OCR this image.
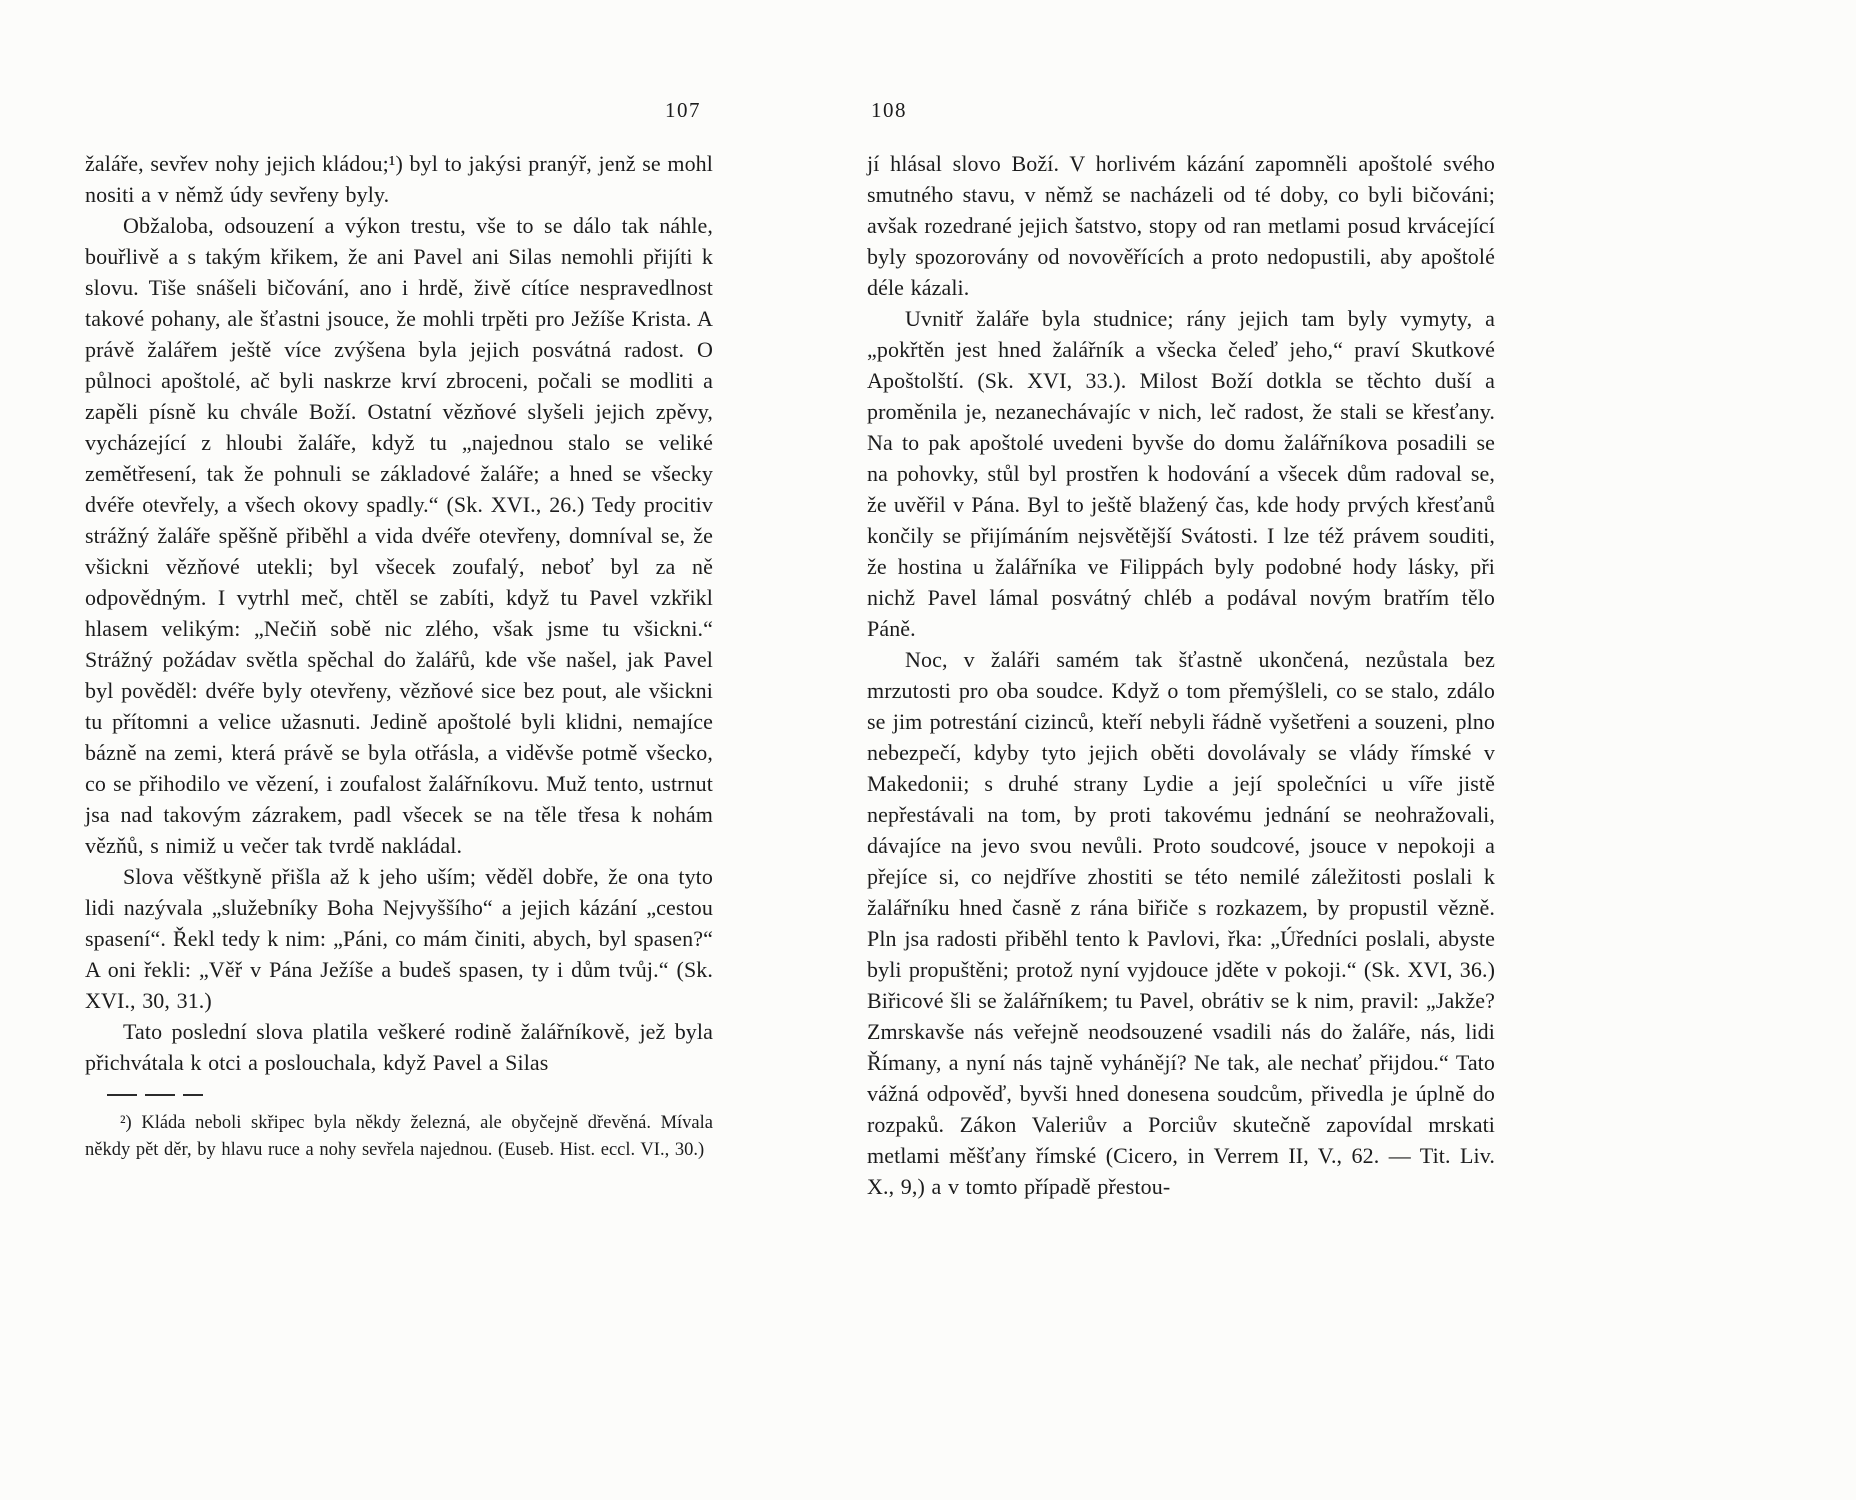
107

žaláře, sevřev nohy jejich kládou;¹) byl to jakýsi pranýř, jenž se mohl nositi a v němž údy sevřeny byly.

Obžaloba, odsouzení a výkon trestu, vše to se dálo tak náhle, bouřlivě a s takým křikem, že ani Pavel ani Silas nemohli přijíti k slovu. Tiše snášeli bičování, ano i hrdě, živě cítíce nespravedlnost takové pohany, ale šťastni jsouce, že mohli trpěti pro Ježíše Krista. A právě žalářem ještě více zvýšena byla jejich posvátná radost. O půlnoci apoštolé, ač byli naskrze krví zbroceni, počali se modliti a zapěli písně ku chvále Boží. Ostatní vězňové slyšeli jejich zpěvy, vycházející z hloubi žaláře, když tu „najednou stalo se veliké zemětřesení, tak že pohnuli se základové žaláře; a hned se všecky dvéře otevřely, a všech okovy spadly.“ (Sk. XVI., 26.) Tedy procitiv strážný žaláře spěšně přiběhl a vida dvéře otevřeny, domníval se, že všickni vězňové utekli; byl všecek zoufalý, neboť byl za ně odpovědným. I vytrhl meč, chtěl se zabíti, když tu Pavel vzkřikl hlasem velikým: „Nečiň sobě nic zlého, však jsme tu všickni.“ Strážný požádav světla spěchal do žalářů, kde vše našel, jak Pavel byl pověděl: dvéře byly otevřeny, vězňové sice bez pout, ale všickni tu přítomni a velice užasnuti. Jedině apoštolé byli klidni, nemajíce bázně na zemi, která právě se byla otřásla, a viděvše potmě všecko, co se přihodilo ve vězení, i zoufalost žalářníkovu. Muž tento, ustrnut jsa nad takovým zázrakem, padl všecek se na těle třesa k nohám vězňů, s nimiž u večer tak tvrdě nakládal.

Slova věštkyně přišla až k jeho uším; věděl dobře, že ona tyto lidi nazývala „služebníky Boha Nejvyššího“ a jejich kázání „cestou spasení“. Řekl tedy k nim: „Páni, co mám činiti, abych, byl spasen?“ A oni řekli: „Věř v Pána Ježíše a budeš spasen, ty i dům tvůj.“ (Sk. XVI., 30, 31.)

Tato poslední slova platila veškeré rodině žalářníkově, jež byla přichvátala k otci a poslouchala, když Pavel a Silas

²) Kláda neboli skřipec byla někdy železná, ale obyčejně dřevěná. Mívala někdy pět děr, by hlavu ruce a nohy sevřela najednou. (Euseb. Hist. eccl. VI., 30.)

108

jí hlásal slovo Boží. V horlivém kázání zapomněli apoštolé svého smutného stavu, v němž se nacházeli od té doby, co byli bičováni; avšak rozedrané jejich šatstvo, stopy od ran metlami posud krvácející byly spozorovány od novověřících a proto nedopustili, aby apoštolé déle kázali.

Uvnitř žaláře byla studnice; rány jejich tam byly vymyty, a „pokřtěn jest hned žalářník a všecka čeleď jeho,“ praví Skutkové Apoštolští. (Sk. XVI, 33.). Milost Boží dotkla se těchto duší a proměnila je, nezanechávajíc v nich, leč radost, že stali se křesťany. Na to pak apoštolé uvedeni byvše do domu žalářníkova posadili se na pohovky, stůl byl prostřen k hodování a všecek dům radoval se, že uvěřil v Pána. Byl to ještě blažený čas, kde hody prvých křesťanů končily se přijímáním nejsvětější Svátosti. I lze též právem souditi, že hostina u žalářníka ve Filippách byly podobné hody lásky, při nichž Pavel lámal posvátný chléb a podával novým bratřím tělo Páně.

Noc, v žaláři samém tak šťastně ukončená, nezůstala bez mrzutosti pro oba soudce. Když o tom přemýšleli, co se stalo, zdálo se jim potrestání cizinců, kteří nebyli řádně vyšetřeni a souzeni, plno nebezpečí, kdyby tyto jejich oběti dovolávaly se vlády římské v Makedonii; s druhé strany Lydie a její společníci u víře jistě nepřestávali na tom, by proti takovému jednání se neohražovali, dávajíce na jevo svou nevůli. Proto soudcové, jsouce v nepokoji a přejíce si, co nejdříve zhostiti se této nemilé záležitosti poslali k žalářníku hned časně z rána biřiče s rozkazem, by propustil vězně. Pln jsa radosti přiběhl tento k Pavlovi, řka: „Úředníci poslali, abyste byli propuštěni; protož nyní vyjdouce jděte v pokoji.“ (Sk. XVI, 36.) Biřicové šli se žalářníkem; tu Pavel, obrátiv se k nim, pravil: „Jakže? Zmrskavše nás veřejně neodsouzené vsadili nás do žaláře, nás, lidi Římany, a nyní nás tajně vyhánějí? Ne tak, ale nechať přijdou.“ Tato vážná odpověď, byvši hned donesena soudcům, přivedla je úplně do rozpaků. Zákon Valeriův a Porciův skutečně zapovídal mrskati metlami měšťany římské (Cicero, in Verrem II, V., 62. — Tit. Liv. X., 9,) a v tomto případě přestou-
